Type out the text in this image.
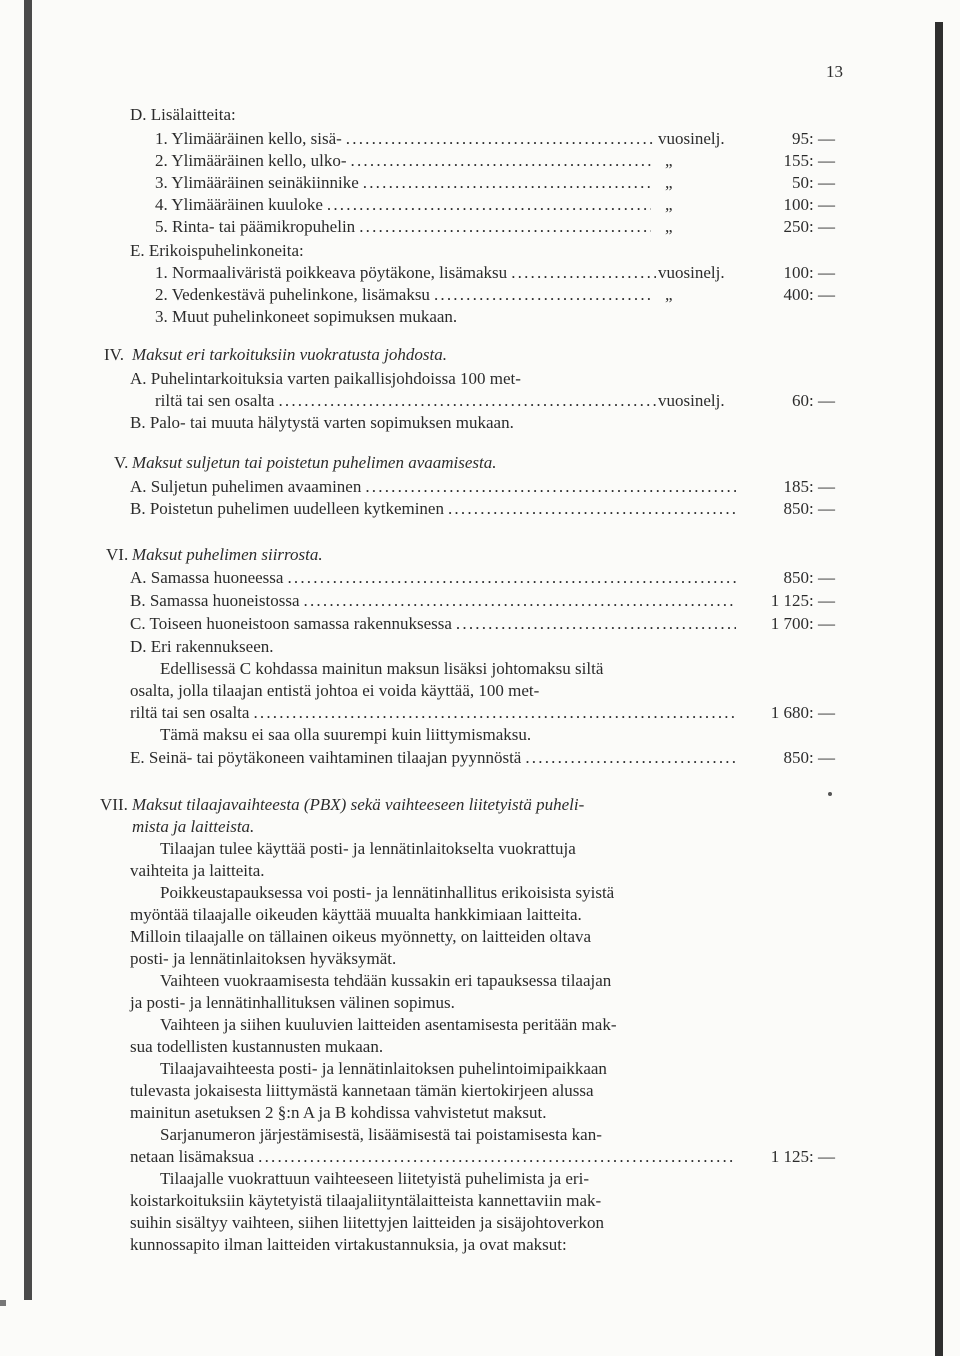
13
D. Lisälaitteita:
1. Ylimääräinen kello, sisä- .....	vuosinelj.	95: —
2. Ylimääräinen kello, ulko- .....	„	155: —
3. Ylimääräinen seinäkiinnike .....	„	50: —
4. Ylimääräinen kuuloke .....	„	100: —
5. Rinta- tai päämikropuhelin .....	„	250: —
E. Erikoispuhelinkoneita:
1. Normaaliväristä poikkeava pöytäkone, lisämaksu .....	vuosinelj.	100: —
2. Vedenkestävä puhelinkone, lisämaksu .....	„	400: —
3. Muut puhelinkoneet sopimuksen mukaan.
IV. Maksut eri tarkoituksiin vuokratusta johdosta.
A. Puhelintarkoituksia varten paikallisjohdoissa 100 met-
riltä tai sen osalta .....	vuosinelj.	60: —
B. Palo- tai muuta hälytystä varten sopimuksen mukaan.
V. Maksut suljetun tai poistetun puhelimen avaamisesta.
A. Suljetun puhelimen avaaminen .....	185: —
B. Poistetun puhelimen uudelleen kytkeminen .....	850: —
VI. Maksut puhelimen siirrosta.
A. Samassa huoneessa .....	850: —
B. Samassa huoneistossa .....	1 125: —
C. Toiseen huoneistoon samassa rakennuksessa .....	1 700: —
D. Eri rakennukseen.
Edellisessä C kohdassa mainitun maksun lisäksi johtomaksu siltä
osalta, jolla tilaajan entistä johtoa ei voida käyttää, 100 met-
riltä tai sen osalta .....	1 680: —
Tämä maksu ei saa olla suurempi kuin liittymismaksu.
E. Seinä- tai pöytäkoneen vaihtaminen tilaajan pyynnöstä .....	850: —
VII. Maksut tilaajavaihteesta (PBX) sekä vaihteeseen liitetyistä puheli-
mista ja laitteista.
Tilaajan tulee käyttää posti- ja lennätinlaitokselta vuokrattuja
vaihteita ja laitteita.
Poikkeustapauksessa voi posti- ja lennätinhallitus erikoisista syistä
myöntää tilaajalle oikeuden käyttää muualta hankkimiaan laitteita.
Milloin tilaajalle on tällainen oikeus myönnetty, on laitteiden oltava
posti- ja lennätinlaitoksen hyväksymät.
Vaihteen vuokraamisesta tehdään kussakin eri tapauksessa tilaajan
ja posti- ja lennätinhallituksen välinen sopimus.
Vaihteen ja siihen kuuluvien laitteiden asentamisesta peritään mak-
sua todellisten kustannusten mukaan.
Tilaajavaihteesta posti- ja lennätinlaitoksen puhelintoimipaikkaan
tulevasta jokaisesta liittymästä kannetaan tämän kiertokirjeen alussa
mainitun asetuksen 2 §:n A ja B kohdissa vahvistetut maksut.
Sarjanumeron järjestämisestä, lisäämisestä tai poistamisesta kan-
netaan lisämaksua .....	1 125: —
Tilaajalle vuokrattuun vaihteeseen liitetyistä puhelimista ja eri-
koistarkoituksiin käytetyistä tilaajaliityntälaitteista kannettaviin mak-
suihin sisältyy vaihteen, siihen liitettyjen laitteiden ja sisäjohtoverkon
kunnossapito ilman laitteiden virtakustannuksia, ja ovat maksut:
